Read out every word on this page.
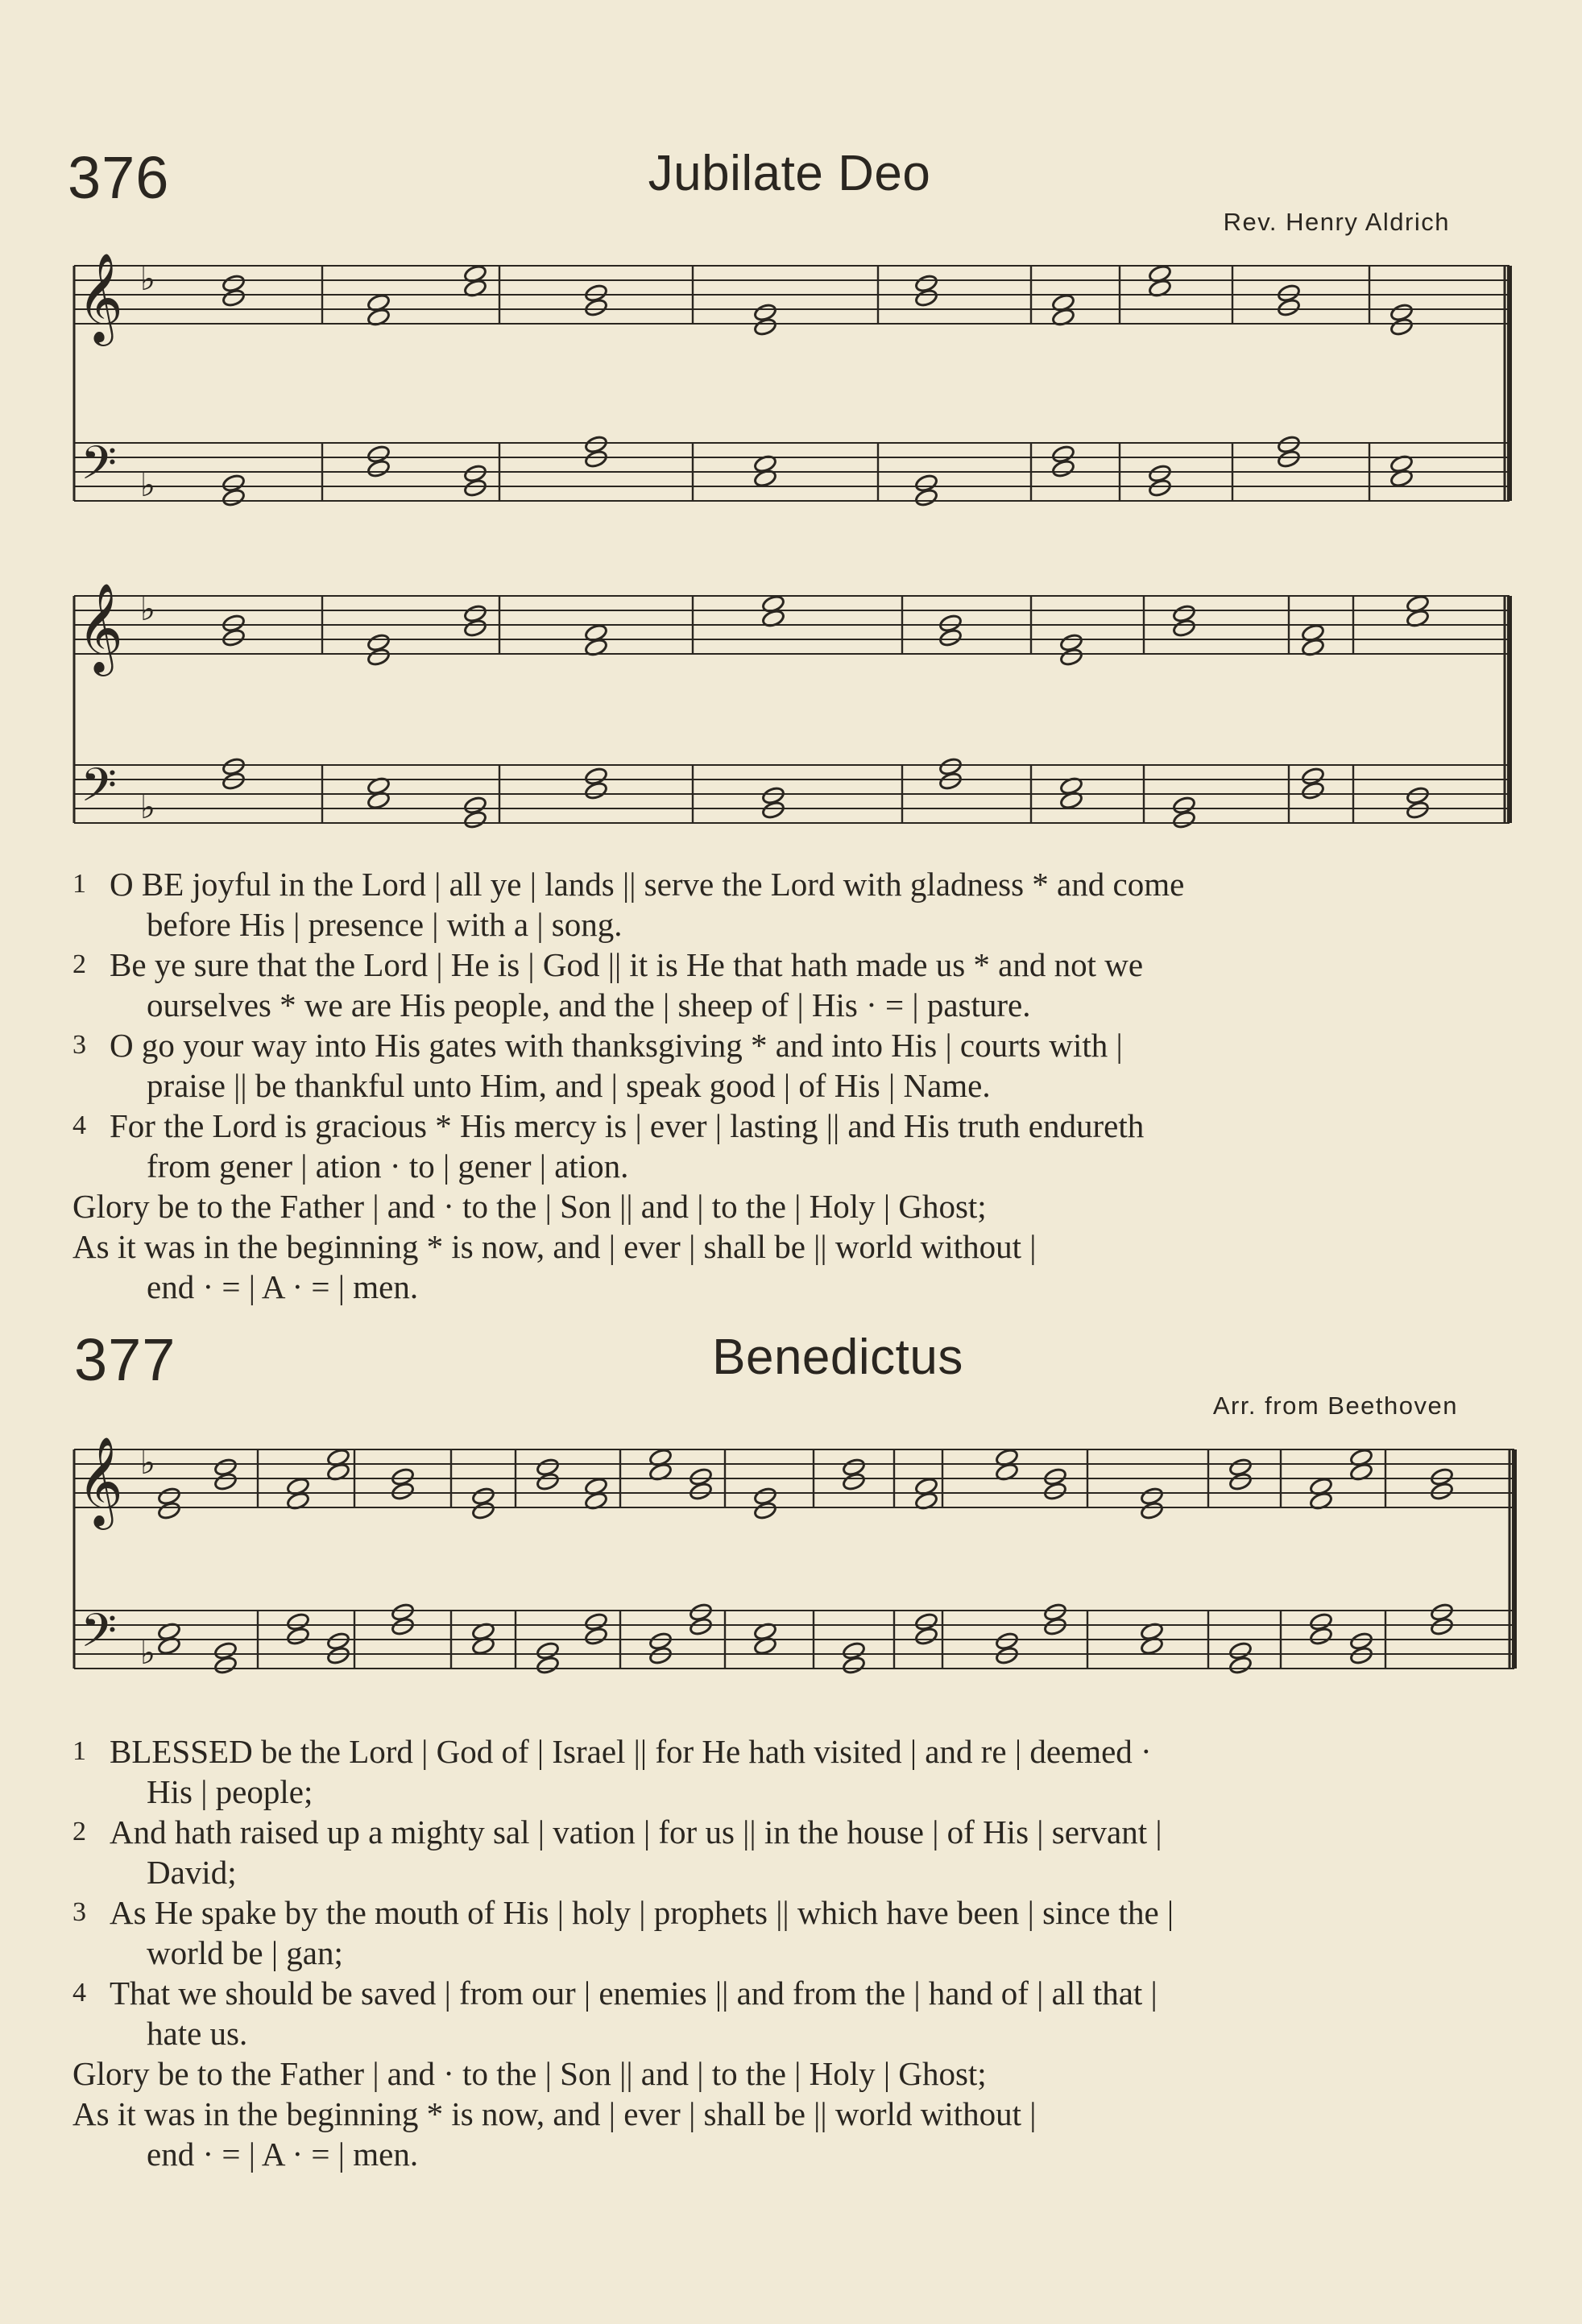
376	Jubilate Deo
Rev. Henry Aldrich
𝄞
𝄢
♭
♭
𝄞
𝄢
♭
♭
1 O BE joyful in the Lord | all ye | lands || serve the Lord with gladness * and come
before His | presence | with a | song.
2 Be ye sure that the Lord | He is | God || it is He that hath made us * and not we
ourselves * we are His people, and the | sheep of | His · = | pasture.
3 O go your way into His gates with thanksgiving * and into His | courts with |
praise || be thankful unto Him, and | speak good | of His | Name.
4 For the Lord is gracious * His mercy is | ever | lasting || and His truth endureth
from gener | ation · to | gener | ation.
Glory be to the Father | and · to the | Son || and | to the | Holy | Ghost;
As it was in the beginning * is now, and | ever | shall be || world without |
end · = | A · = | men.
377	Benedictus
Arr. from Beethoven
𝄞
𝄢
♭
♭
1 BLESSED be the Lord | God of | Israel || for He hath visited | and re | deemed ·
His | people;
2 And hath raised up a mighty sal | vation | for us || in the house | of His | servant |
David;
3 As He spake by the mouth of His | holy | prophets || which have been | since the |
world be | gan;
4 That we should be saved | from our | enemies || and from the | hand of | all that |
hate us.
Glory be to the Father | and · to the | Son || and | to the | Holy | Ghost;
As it was in the beginning * is now, and | ever | shall be || world without |
end · = | A · = | men.
